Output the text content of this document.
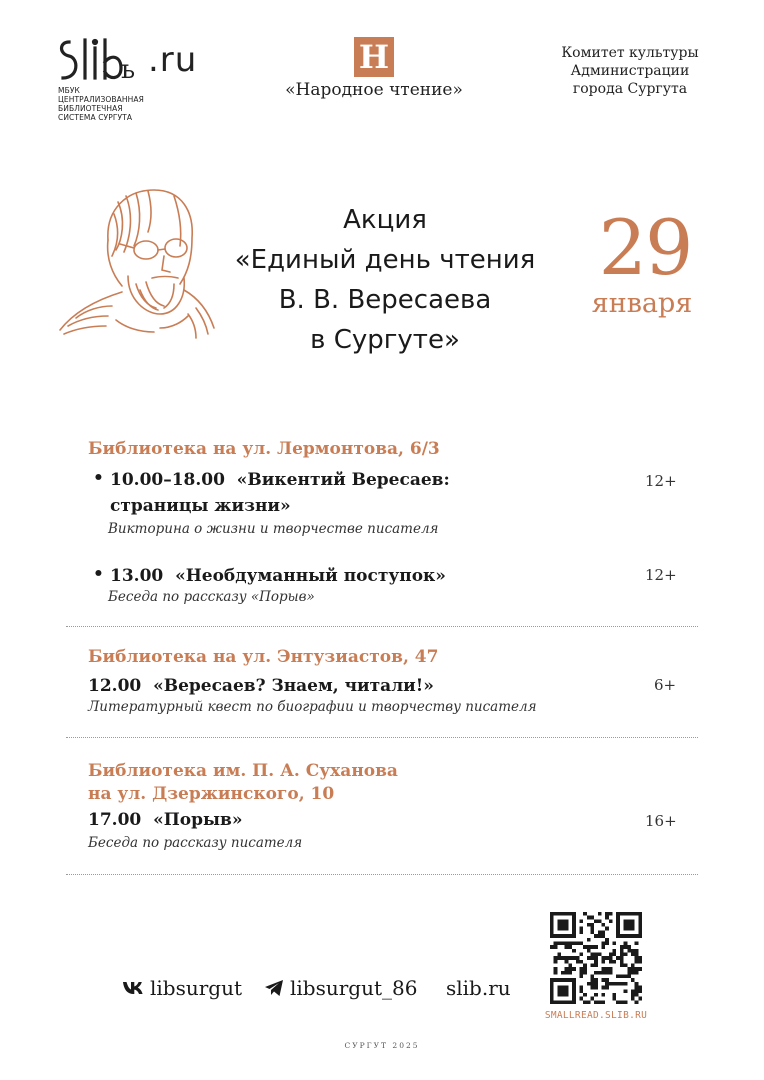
ь .ru
МБУК
ЦЕНТРАЛИЗОВАННАЯ БИБЛИОТЕЧНАЯ
СИСТЕМА СУРГУТА
Н
«Народное чтение»
Комитет культуры
Администрации
города Сургута
Акция
«Единый день чтения
В. В. Вересаева
в Сургуте»
29
января
Библиотека на ул. Лермонтова, 6/3
• 10.00–18.00  «Викентий Вересаев:
страницы жизни»
Викторина о жизни и творчестве писателя
12+
• 13.00  «Необдуманный поступок»
Беседа по рассказу «Порыв»
12+
Библиотека на ул. Энтузиастов, 47
12.00  «Вересаев? Знаем, читали!»
Литературный квест по биографии и творчеству писателя
6+
Библиотека им. П. А. Суханова
на ул. Дзержинского, 10
17.00  «Порыв»
Беседа по рассказу писателя
16+
libsurgut libsurgut_86 slib.ru
SMALLREAD.SLIB.RU
СУРГУТ 2025
